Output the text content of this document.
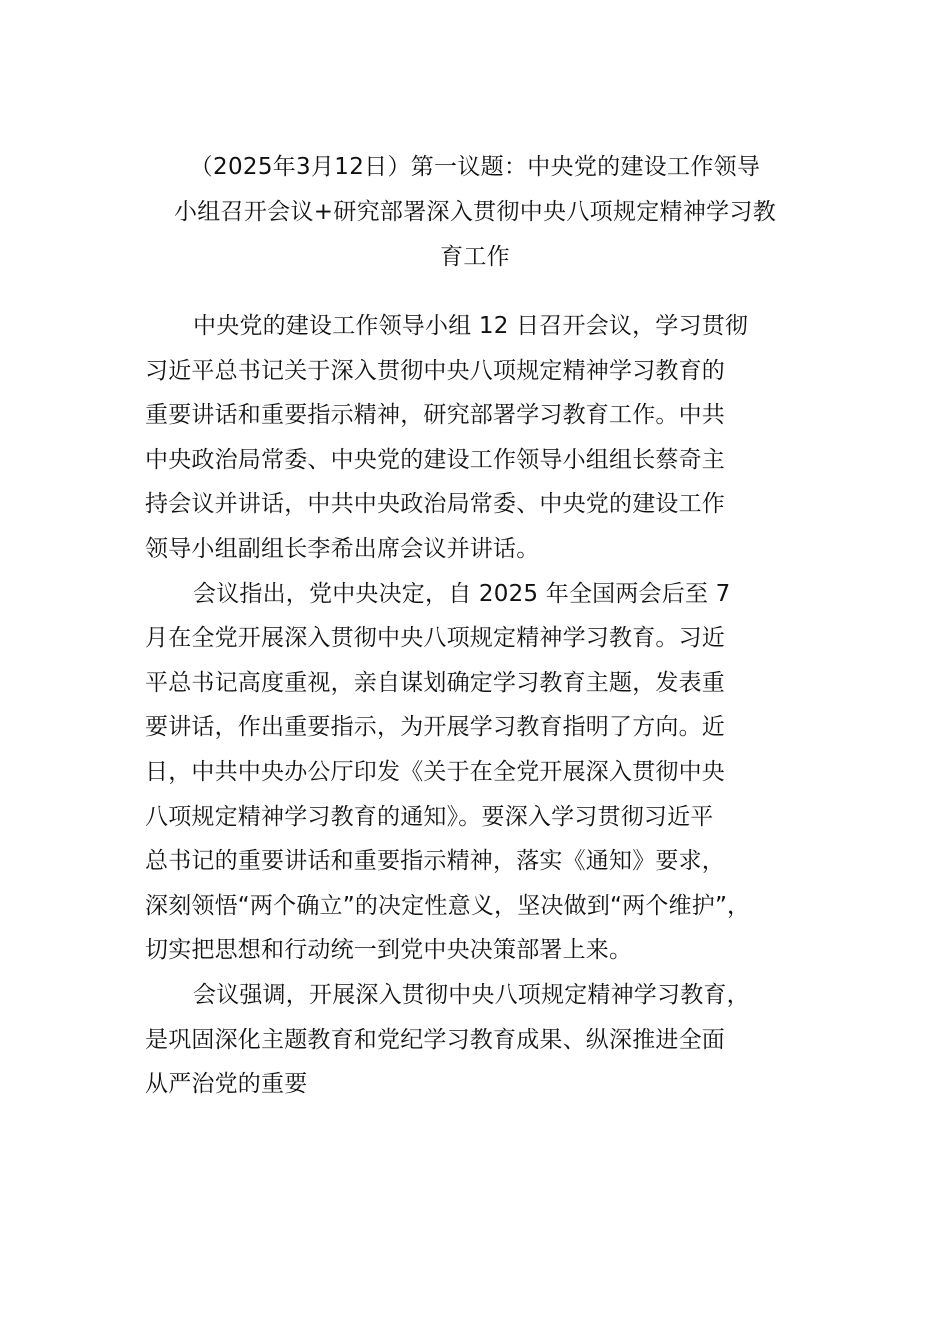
（2025年3月12日）第一议题：中央党的建设工作领导
小组召开会议+研究部署深入贯彻中央八项规定精神学习教
育工作

中央党的建设工作领导小组 12 日召开会议，学习贯彻
习近平总书记关于深入贯彻中央八项规定精神学习教育的
重要讲话和重要指示精神，研究部署学习教育工作。中共
中央政治局常委、中央党的建设工作领导小组组长蔡奇主
持会议并讲话，中共中央政治局常委、中央党的建设工作
领导小组副组长李希出席会议并讲话。

会议指出，党中央决定，自 2025 年全国两会后至 7
月在全党开展深入贯彻中央八项规定精神学习教育。习近
平总书记高度重视，亲自谋划确定学习教育主题，发表重
要讲话，作出重要指示，为开展学习教育指明了方向。近
日，中共中央办公厅印发《关于在全党开展深入贯彻中央
八项规定精神学习教育的通知》。要深入学习贯彻习近平
总书记的重要讲话和重要指示精神，落实《通知》要求，
深刻领悟“两个确立”的决定性意义，坚决做到“两个维护”，
切实把思想和行动统一到党中央决策部署上来。

会议强调，开展深入贯彻中央八项规定精神学习教育，
是巩固深化主题教育和党纪学习教育成果、纵深推进全面
从严治党的重要
